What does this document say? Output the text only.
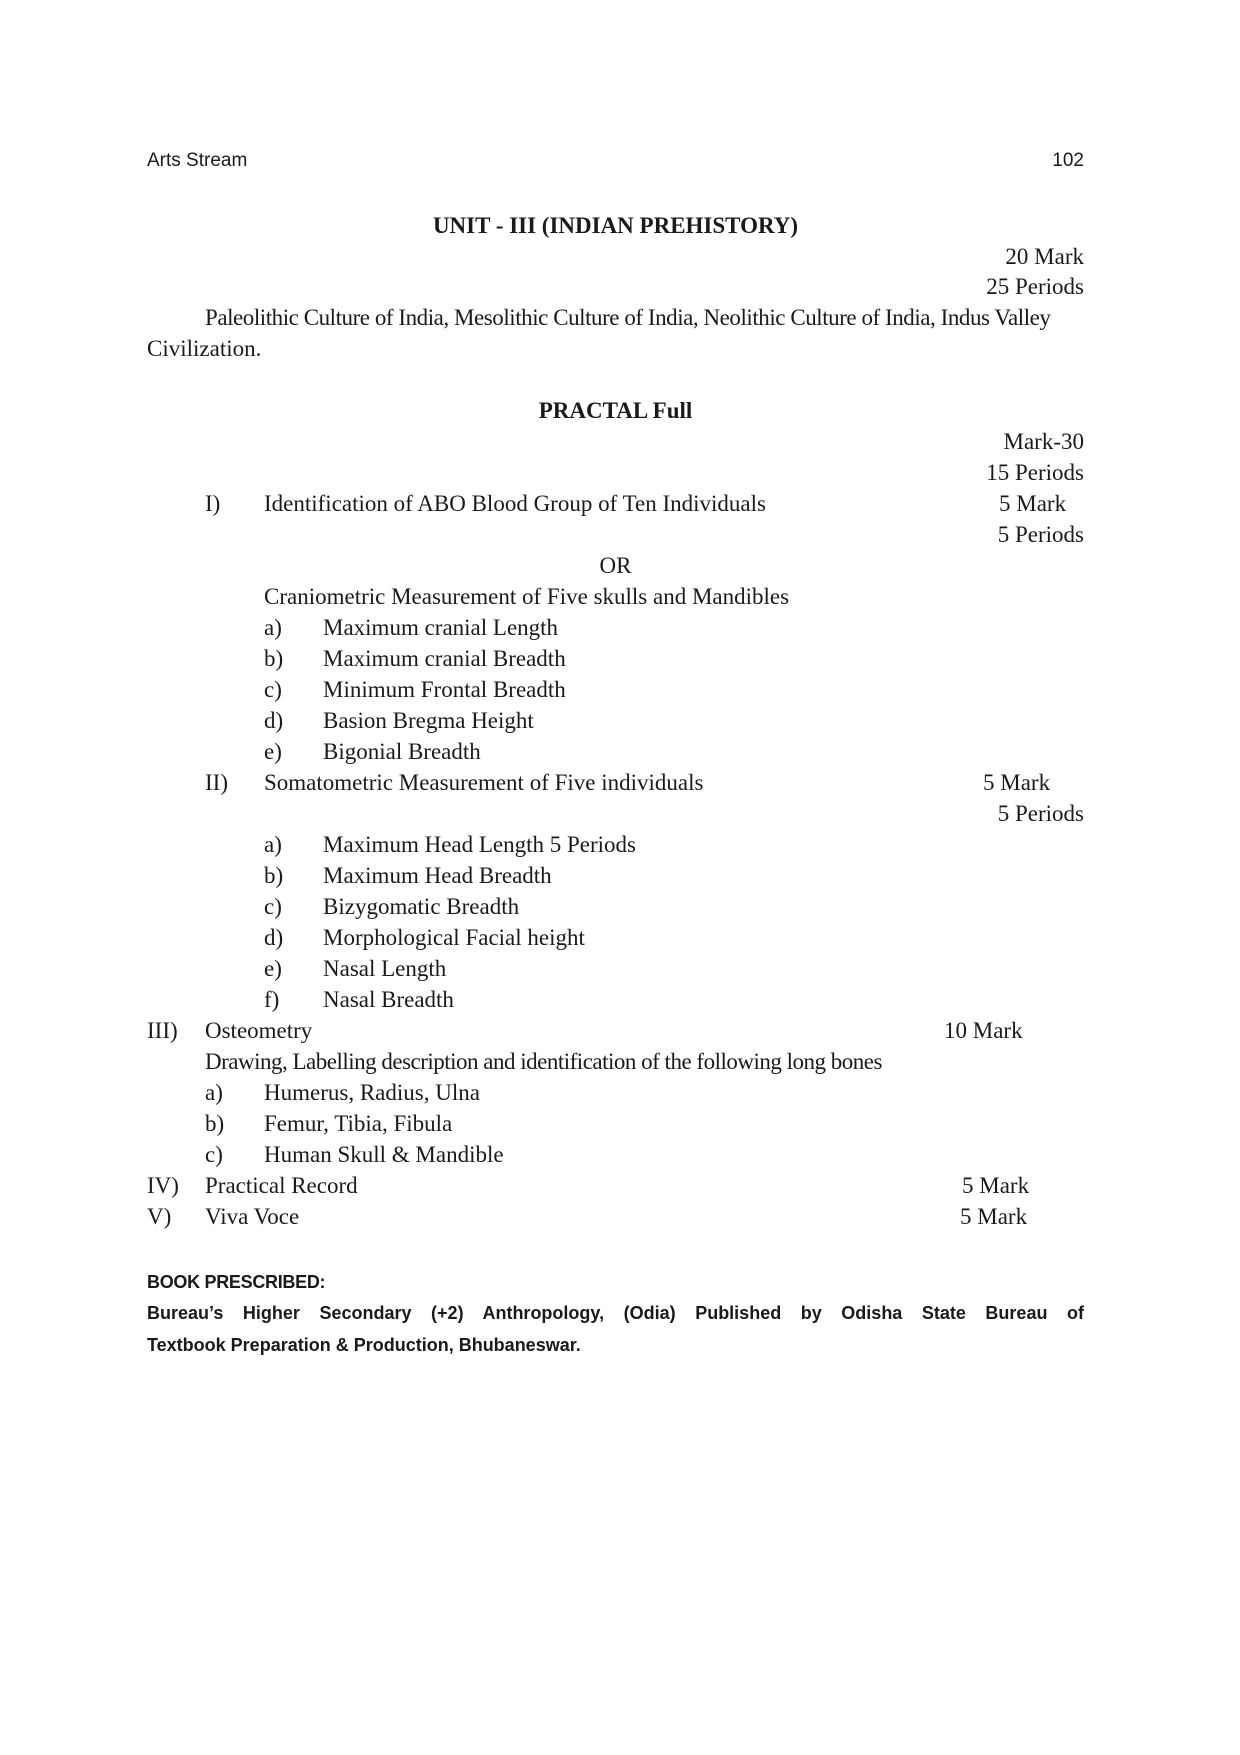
Arts Stream	102
UNIT - III (INDIAN PREHISTORY)
20 Mark
25 Periods
Paleolithic Culture of India, Mesolithic Culture of India, Neolithic Culture of India, Indus Valley
Civilization.
PRACTAL Full
Mark-30
15 Periods
I) Identification of ABO Blood Group of Ten Individuals	5 Mark
5 Periods
OR
Craniometric Measurement of Five skulls and Mandibles
a) Maximum cranial Length
b) Maximum cranial Breadth
c) Minimum Frontal Breadth
d) Basion Bregma Height
e) Bigonial Breadth
II) Somatometric Measurement of Five individuals	5 Mark
5 Periods
a) Maximum Head Length 5 Periods
b) Maximum Head Breadth
c) Bizygomatic Breadth
d) Morphological Facial height
e) Nasal Length
f) Nasal Breadth
III) Osteometry	10 Mark
Drawing, Labelling description and identification of the following long bones
a) Humerus, Radius, Ulna
b) Femur, Tibia, Fibula
c) Human Skull & Mandible
IV) Practical Record	5 Mark
V) Viva Voce	5 Mark
BOOK PRESCRIBED:
Bureau’s Higher Secondary (+2) Anthropology, (Odia) Published by Odisha State Bureau of
Textbook Preparation & Production, Bhubaneswar.
